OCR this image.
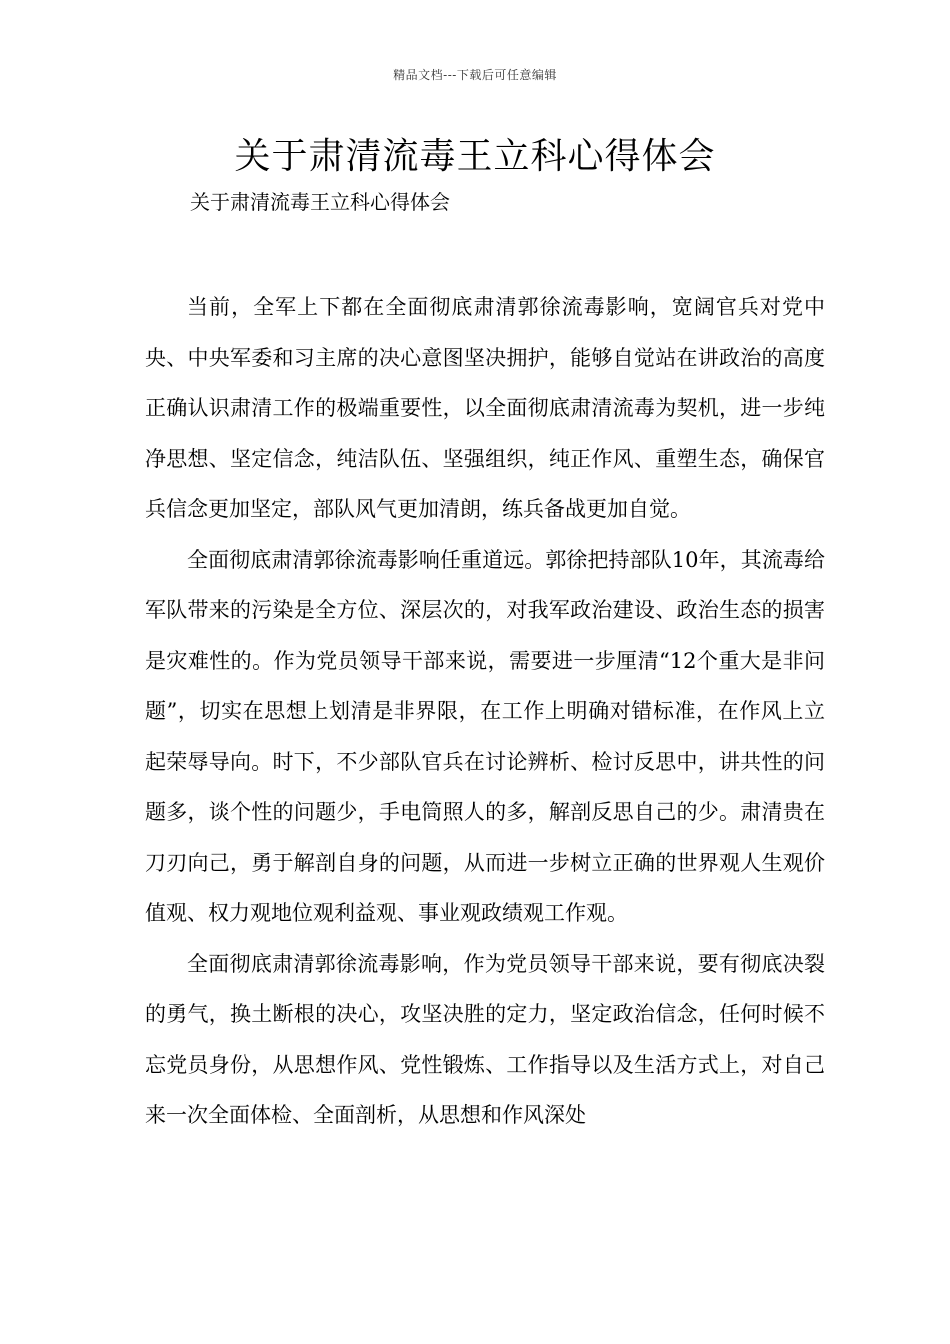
精品文档---下载后可任意编辑
关于肃清流毒王立科心得体会

关于肃清流毒王立科心得体会

当前，全军上下都在全面彻底肃清郭徐流毒影响，宽阔官兵对党中央、中央军委和习主席的决心意图坚决拥护，能够自觉站在讲政治的高度正确认识肃清工作的极端重要性，以全面彻底肃清流毒为契机，进一步纯净思想、坚定信念，纯洁队伍、坚强组织，纯正作风、重塑生态，确保官兵信念更加坚定，部队风气更加清朗，练兵备战更加自觉。

全面彻底肃清郭徐流毒影响任重道远。郭徐把持部队10年，其流毒给军队带来的污染是全方位、深层次的，对我军政治建设、政治生态的损害是灾难性的。作为党员领导干部来说，需要进一步厘清“12个重大是非问题”，切实在思想上划清是非界限，在工作上明确对错标准，在作风上立起荣辱导向。时下，不少部队官兵在讨论辨析、检讨反思中，讲共性的问题多，谈个性的问题少，手电筒照人的多，解剖反思自己的少。肃清贵在刀刃向己，勇于解剖自身的问题，从而进一步树立正确的世界观人生观价值观、权力观地位观利益观、事业观政绩观工作观。

全面彻底肃清郭徐流毒影响，作为党员领导干部来说，要有彻底决裂的勇气，换土断根的决心，攻坚决胜的定力，坚定政治信念，任何时候不忘党员身份，从思想作风、党性锻炼、工作指导以及生活方式上，对自己来一次全面体检、全面剖析，从思想和作风深处
